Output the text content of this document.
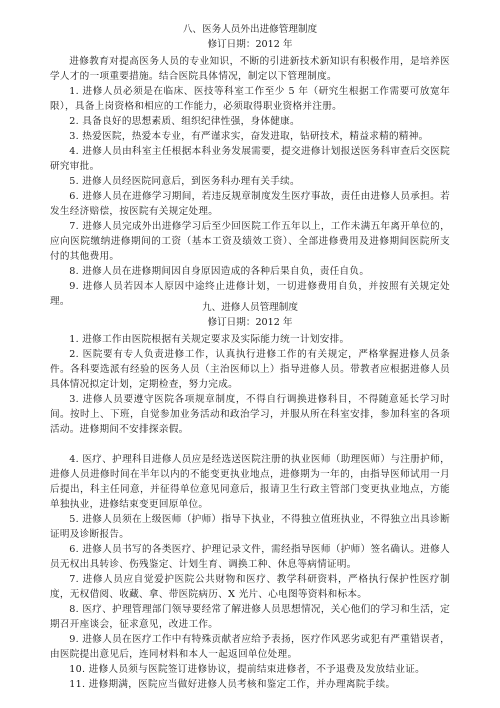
八、医务人员外出进修管理制度

修订日期：2012 年

进修教育对提高医务人员的专业知识，不断的引进新技术新知识有积极作用，是培养医学人才的一项重要措施。结合医院具体情况，制定以下管理制度。

1. 进修人员必须是在临床、医技等科室工作至少 5 年（研究生根据工作需要可放宽年限），具备上岗资格和相应的工作能力，必须取得职业资格并注册。

2. 具备良好的思想素质、组织纪律性强，身体健康。

3. 热爱医院，热爱本专业，有严谨求实，奋发进取，钻研技术，精益求精的精神。

4. 进修人员由科室主任根据本科业务发展需要，提交进修计划报送医务科审查后交医院研究审批。

5. 进修人员经医院同意后，到医务科办理有关手续。

6. 进修人员在进修学习期间，若违反规章制度发生医疗事故，责任由进修人员承担。若发生经济赔偿，按医院有关规定处理。

7. 进修人员完成外出进修学习后至少回医院工作五年以上，工作未满五年离开单位的，应向医院缴纳进修期间的工资（基本工资及绩效工资）、全部进修费用及进修期间医院所支付的其他费用。

8. 进修人员在进修期间因自身原因造成的各种后果自负，责任自负。

9. 进修人员若因本人原因中途终止进修计划，一切进修费用自负，并按照有关规定处理。

九、进修人员管理制度

修订日期：2012 年

1. 进修工作由医院根据有关规定要求及实际能力统一计划安排。

2. 医院要有专人负责进修工作，认真执行进修工作的有关规定，严格掌握进修人员条件。各科要选派有经验的医务人员（主治医师以上）指导进修人员。带教者应根据进修人员具体情况拟定计划，定期检查，努力完成。

3. 进修人员要遵守医院各项规章制度，不得自行调换进修科目，不得随意延长学习时间。按时上、下班，自觉参加业务活动和政治学习，并服从所在科室安排，参加科室的各项活动。进修期间不安排探亲假。

4. 医疗、护理科目进修人员应是经选送医院注册的执业医师（助理医师）与注册护师，进修人员进修时间在半年以内的不能变更执业地点，进修期为一年的，由指导医师试用一月后提出，科主任同意，并征得单位意见同意后，报请卫生行政主管部门变更执业地点，方能单独执业，进修结束变更回原单位。

5. 进修人员须在上级医师（护师）指导下执业，不得独立值班执业，不得独立出具诊断证明及诊断报告。

6. 进修人员书写的各类医疗、护理记录文件，需经指导医师（护师）签名确认。进修人员无权出具转诊、伤残鉴定、计划生育、调换工种、休息等病情证明。

7. 进修人员应自觉爱护医院公共财物和医疗、教学科研资料，严格执行保护性医疗制度，无权借阅、收藏、拿、带医院病历、X 光片、心电图等资料和标本。

8. 医疗、护理管理部门领导要经常了解进修人员思想情况，关心他们的学习和生活，定期召开座谈会，征求意见，改进工作。

9. 进修人员在医疗工作中有特殊贡献者应给予表扬，医疗作风恶劣或犯有严重错误者，由医院提出意见后，连同材料和本人一起返回单位处理。

10. 进修人员须与医院签订进修协议，提前结束进修者，不予退费及发放结业证。

11. 进修期满，医院应当做好进修人员考核和鉴定工作，并办理离院手续。
